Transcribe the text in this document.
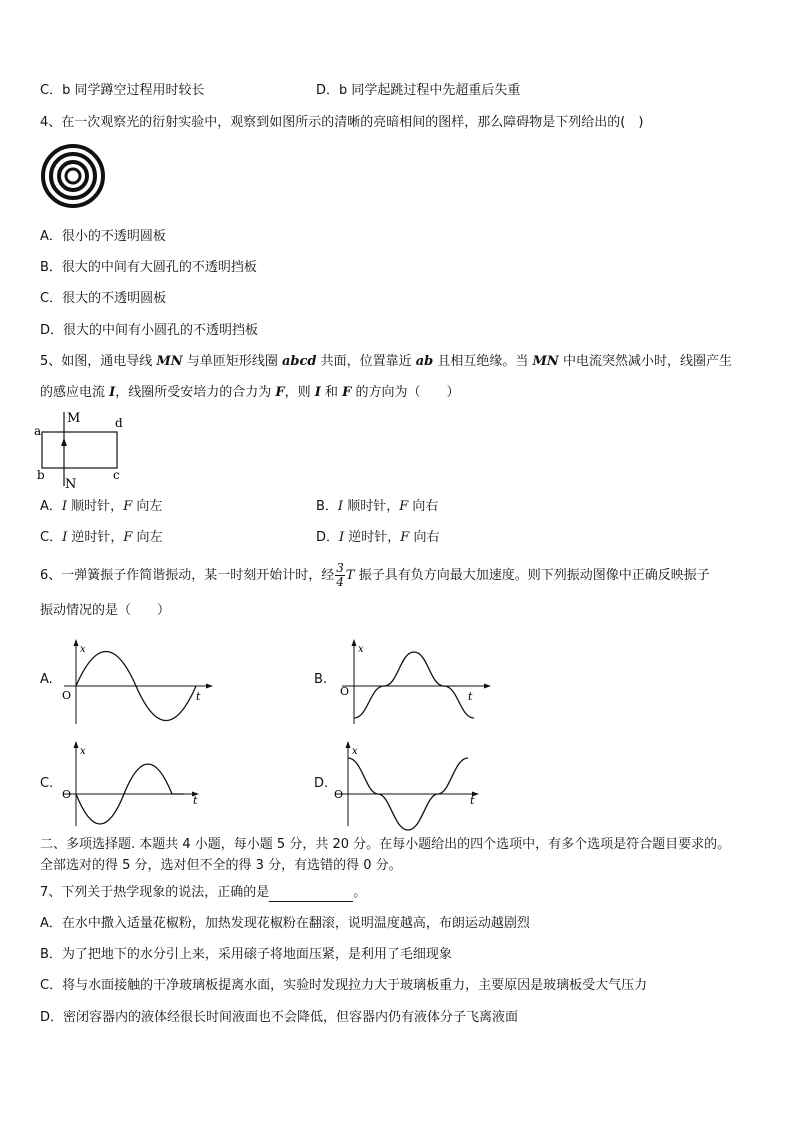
C．b 同学蹲空过程用时较长	D．b 同学起跳过程中先超重后失重
4、在一次观察光的衍射实验中，观察到如图所示的清晰的亮暗相间的图样，那么障碍物是下列给出的(　)
A．很小的不透明圆板
B．很大的中间有大圆孔的不透明挡板
C．很大的不透明圆板
D．很大的中间有小圆孔的不透明挡板
5、如图，通电导线 MN 与单匝矩形线圈 abcd 共面，位置靠近 ab 且相互绝缘。当 MN 中电流突然减小时，线圈产生
的感应电流 I，线圈所受安培力的合力为 F，则 I 和 F 的方向为（　　）
M
N
a
b	c
d
A．I 顺时针，F 向左	B．I 顺时针，F 向右
C．I 逆时针，F 向左	D．I 逆时针，F 向右
6、一弹簧振子作简谐振动，某一时刻开始计时，经 $\frac{3}{4}$ T 振子具有负方向最大加速度。则下列振动图像中正确反映振子
振动情况的是（　　）
A.
x
O	t
B.
x
O	t
C.
x
O	t
D.
x
O	t
二、多项选择题. 本题共 4 小题，每小题 5 分，共 20 分。在每小题给出的四个选项中，有多个选项是符合题目要求的。
全部选对的得 5 分，选对但不全的得 3 分，有选错的得 0 分。
7、下列关于热学现象的说法，正确的是	。
A．在水中撒入适量花椒粉，加热发现花椒粉在翻滚，说明温度越高，布朗运动越剧烈
B．为了把地下的水分引上来，采用磙子将地面压紧，是利用了毛细现象
C．将与水面接触的干净玻璃板提离水面，实验时发现拉力大于玻璃板重力，主要原因是玻璃板受大气压力
D．密闭容器内的液体经很长时间液面也不会降低，但容器内仍有液体分子飞离液面
